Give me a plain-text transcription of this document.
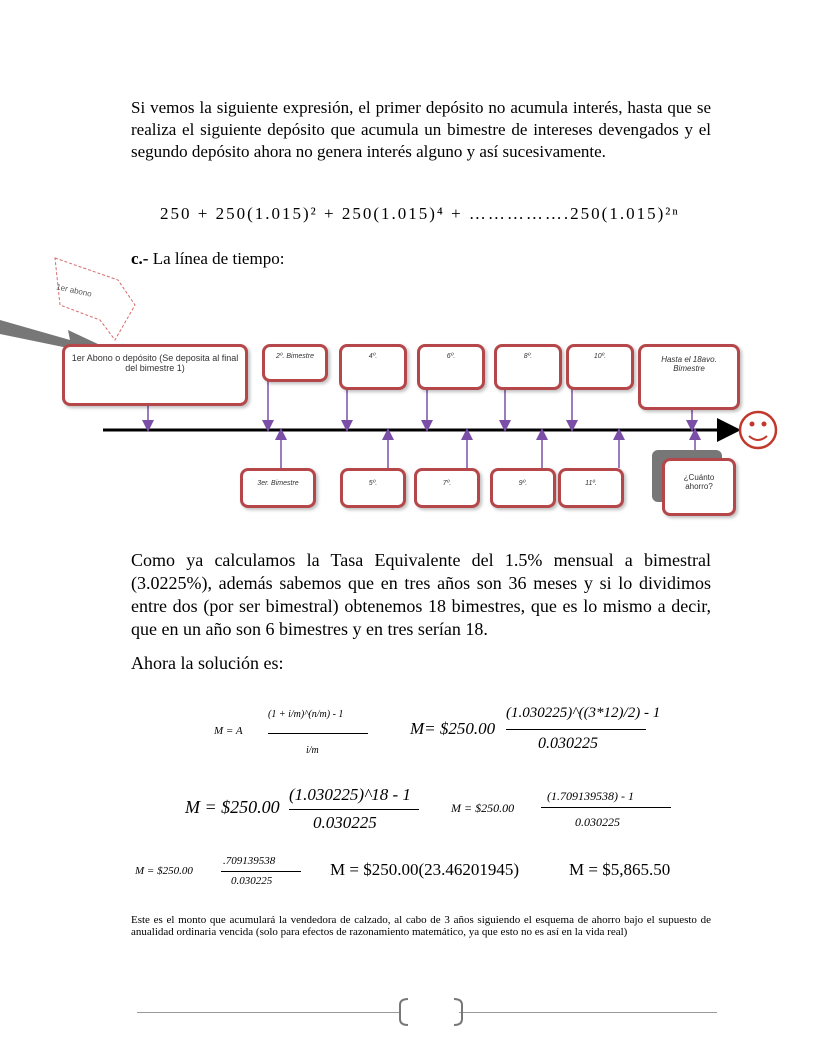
Si vemos la siguiente expresión, el primer depósito no acumula interés, hasta que se realiza el siguiente depósito que acumula un bimestre de intereses devengados y el segundo depósito ahora no genera interés alguno y así sucesivamente.

250 + 250(1.015)² + 250(1.015)⁴ + …………….250(1.015)²ⁿ
c.- La línea de tiempo:
1er abono
1er Abono o depósito (Se deposita al final del bimestre 1)
2º. Bimestre	4º.	6º.	8º.	10º.	Hasta el 18avo. Bimestre
3er. Bimestre	5º.	7º.	9º.	11º.
¿Cuánto ahorro?

Como ya calculamos la Tasa Equivalente del 1.5% mensual a bimestral (3.0225%), además sabemos que en tres años son 36 meses y si lo dividimos entre dos (por ser bimestral) obtenemos 18 bimestres, que es lo mismo a decir, que en un año son 6 bimestres y en tres serían 18.

Ahora la solución es:
M = A
(1 + i/m)^(n/m) - 1
i/m
M= $250.00
(1.030225)^((3*12)/2) - 1
0.030225
M = $250.00
(1.030225)^18 - 1
0.030225
M = $250.00
(1.709139538) - 1
0.030225
M = $250.00
.709139538
0.030225
M = $250.00(23.46201945)	M = $5,865.50

Este es el monto que acumulará la vendedora de calzado, al cabo de 3 años siguiendo el esquema de ahorro bajo el supuesto de anualidad ordinaria vencida (solo para efectos de razonamiento matemático, ya que esto no es así en la vida real)
